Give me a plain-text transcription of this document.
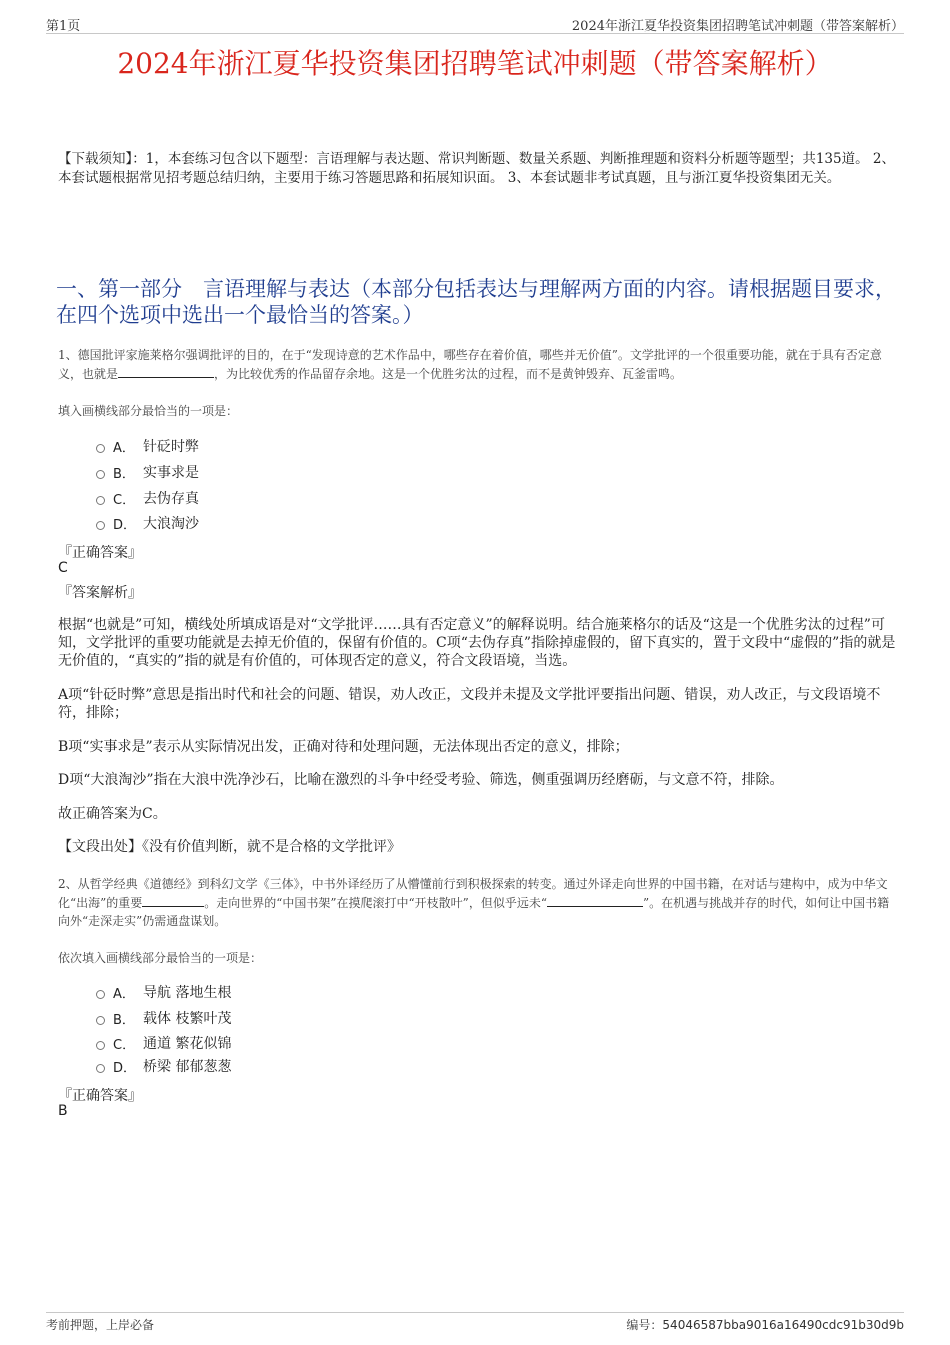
第1页	2024年浙江夏华投资集团招聘笔试冲刺题（带答案解析）
2024年浙江夏华投资集团招聘笔试冲刺题（带答案解析）
【下载须知】：1，本套练习包含以下题型：言语理解与表达题、常识判断题、数量关系题、判断推理题和资料分析题等题型；共135道。 2、本套试题根据常见招考题总结归纳，主要用于练习答题思路和拓展知识面。 3、本套试题非考试真题，且与浙江夏华投资集团无关。
一、第一部分　言语理解与表达（本部分包括表达与理解两方面的内容。请根据题目要求，在四个选项中选出一个最恰当的答案。）
1、德国批评家施莱格尔强调批评的目的，在于“发现诗意的艺术作品中，哪些存在着价值，哪些并无价值”。文学批评的一个很重要功能，就在于具有否定意义，也就是	，为比较优秀的作品留存余地。这是一个优胜劣汰的过程，而不是黄钟毁弃、瓦釜雷鸣。
填入画横线部分最恰当的一项是：
A． 针砭时弊
B． 实事求是
C． 去伪存真
D． 大浪淘沙
『正确答案』
C
『答案解析』
根据“也就是”可知，横线处所填成语是对“文学批评……具有否定意义”的解释说明。结合施莱格尔的话及“这是一个优胜劣汰的过程”可知，文学批评的重要功能就是去掉无价值的，保留有价值的。C项“去伪存真”指除掉虚假的，留下真实的，置于文段中“虚假的”指的就是无价值的，“真实的”指的就是有价值的，可体现否定的意义，符合文段语境，当选。
A项“针砭时弊”意思是指出时代和社会的问题、错误，劝人改正，文段并未提及文学批评要指出问题、错误，劝人改正，与文段语境不符，排除；
B项“实事求是”表示从实际情况出发，正确对待和处理问题，无法体现出否定的意义，排除；
D项“大浪淘沙”指在大浪中洗净沙石，比喻在激烈的斗争中经受考验、筛选，侧重强调历经磨砺，与文意不符，排除。
故正确答案为C。
【文段出处】《没有价值判断，就不是合格的文学批评》
2、从哲学经典《道德经》到科幻文学《三体》，中书外译经历了从懵懂前行到积极探索的转变。通过外译走向世界的中国书籍，在对话与建构中，成为中华文化“出海”的重要	。走向世界的“中国书架”在摸爬滚打中“开枝散叶”，但似乎远未“	”。在机遇与挑战并存的时代，如何让中国书籍向外“走深走实”仍需通盘谋划。
依次填入画横线部分最恰当的一项是：
A． 导航 落地生根
B． 载体 枝繁叶茂
C． 通道 繁花似锦
D． 桥梁 郁郁葱葱
『正确答案』
B
考前押题，上岸必备	编号：54046587bba9016a16490cdc91b30d9b
